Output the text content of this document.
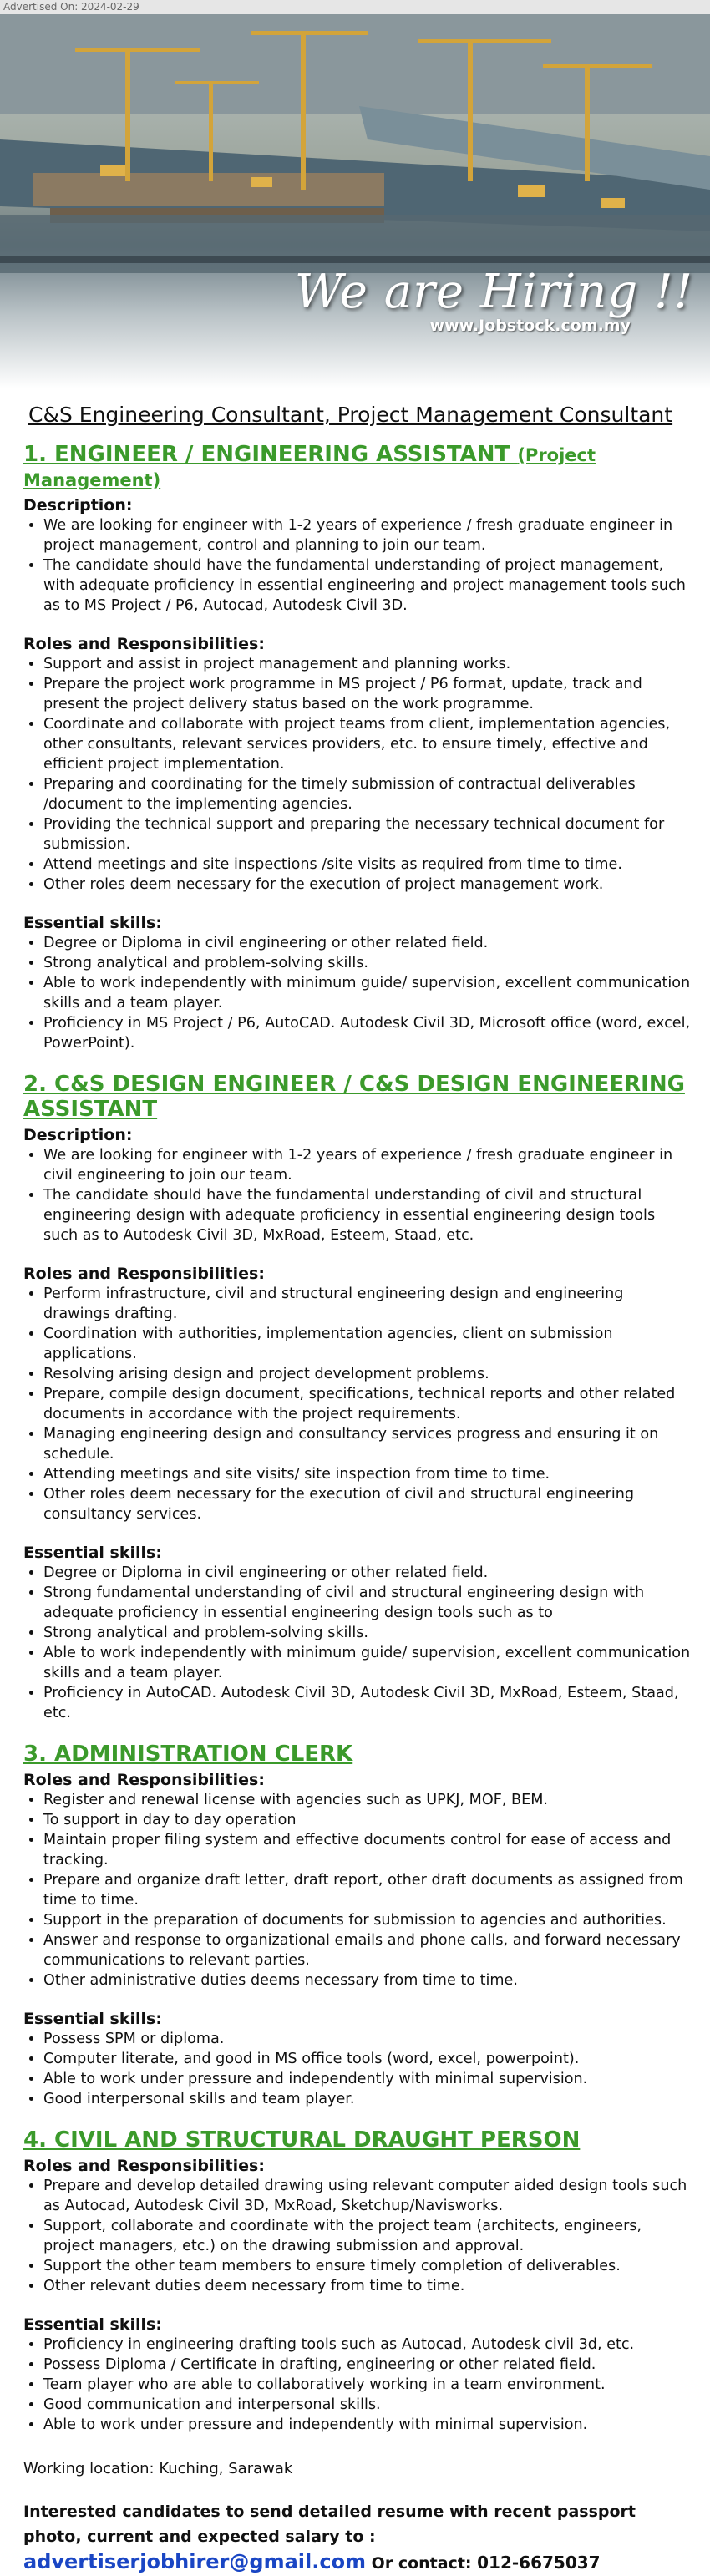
Advertised On: 2024-02-29
We are Hiring !!
www.Jobstock.com.my
C&S Engineering Consultant, Project Management Consultant
1. ENGINEER / ENGINEERING ASSISTANT (Project Management)

Description:

• We are looking for engineer with 1-2 years of experience / fresh graduate engineer in project management, control and planning to join our team.
• The candidate should have the fundamental understanding of project management, with adequate proficiency in essential engineering and project management tools such as to MS Project / P6, Autocad, Autodesk Civil 3D.

Roles and Responsibilities:

• Support and assist in project management and planning works.
• Prepare the project work programme in MS project / P6 format, update, track and present the project delivery status based on the work programme.
• Coordinate and collaborate with project teams from client, implementation agencies, other consultants, relevant services providers, etc. to ensure timely, effective and efficient project implementation.
• Preparing and coordinating for the timely submission of contractual deliverables /document to the implementing agencies.
• Providing the technical support and preparing the necessary technical document for submission.
• Attend meetings and site inspections /site visits as required from time to time.
• Other roles deem necessary for the execution of project management work.

Essential skills:

• Degree or Diploma in civil engineering or other related field.
• Strong analytical and problem-solving skills.
• Able to work independently with minimum guide/ supervision, excellent communication skills and a team player.
• Proficiency in MS Project / P6, AutoCAD. Autodesk Civil 3D, Microsoft office (word, excel, PowerPoint).
2. C&S DESIGN ENGINEER / C&S DESIGN ENGINEERING ASSISTANT

Description:

• We are looking for engineer with 1-2 years of experience / fresh graduate engineer in civil engineering to join our team.
• The candidate should have the fundamental understanding of civil and structural engineering design with adequate proficiency in essential engineering design tools such as to Autodesk Civil 3D, MxRoad, Esteem, Staad, etc.

Roles and Responsibilities:

• Perform infrastructure, civil and structural engineering design and engineering drawings drafting.
• Coordination with authorities, implementation agencies, client on submission applications.
• Resolving arising design and project development problems.
• Prepare, compile design document, specifications, technical reports and other related documents in accordance with the project requirements.
• Managing engineering design and consultancy services progress and ensuring it on schedule.
• Attending meetings and site visits/ site inspection from time to time.
• Other roles deem necessary for the execution of civil and structural engineering consultancy services.

Essential skills:

• Degree or Diploma in civil engineering or other related field.
• Strong fundamental understanding of civil and structural engineering design with adequate proficiency in essential engineering design tools such as to
• Strong analytical and problem-solving skills.
• Able to work independently with minimum guide/ supervision, excellent communication skills and a team player.
• Proficiency in AutoCAD. Autodesk Civil 3D, Autodesk Civil 3D, MxRoad, Esteem, Staad, etc.
3. ADMINISTRATION CLERK

Roles and Responsibilities:

• Register and renewal license with agencies such as UPKJ, MOF, BEM.
• To support in day to day operation
• Maintain proper filing system and effective documents control for ease of access and tracking.
• Prepare and organize draft letter, draft report, other draft documents as assigned from time to time.
• Support in the preparation of documents for submission to agencies and authorities.
• Answer and response to organizational emails and phone calls, and forward necessary communications to relevant parties.
• Other administrative duties deems necessary from time to time.

Essential skills:

• Possess SPM or diploma.
• Computer literate, and good in MS office tools (word, excel, powerpoint).
• Able to work under pressure and independently with minimal supervision.
• Good interpersonal skills and team player.
4. CIVIL AND STRUCTURAL DRAUGHT PERSON

Roles and Responsibilities:

• Prepare and develop detailed drawing using relevant computer aided design tools such as Autocad, Autodesk Civil 3D, MxRoad, Sketchup/Navisworks.
• Support, collaborate and coordinate with the project team (architects, engineers, project managers, etc.) on the drawing submission and approval.
• Support the other team members to ensure timely completion of deliverables.
• Other relevant duties deem necessary from time to time.

Essential skills:

• Proficiency in engineering drafting tools such as Autocad, Autodesk civil 3d, etc.
• Possess Diploma / Certificate in drafting, engineering or other related field.
• Team player who are able to collaboratively working in a team environment.
• Good communication and interpersonal skills.
• Able to work under pressure and independently with minimal supervision.
Working location: Kuching, Sarawak
Interested candidates to send detailed resume with recent passport photo, current and expected salary to : advertiserjobhirer@gmail.com Or contact: 012-6675037
